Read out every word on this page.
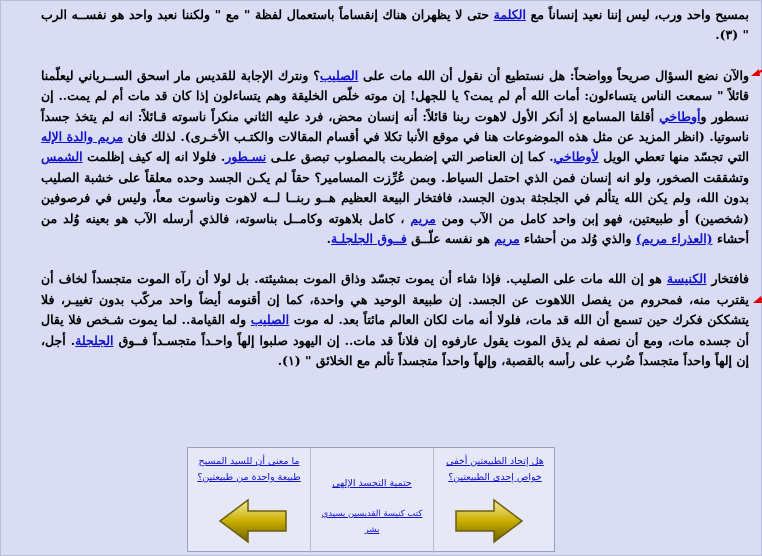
بمسيح واحد ورب، ليس إننا نعيد إنساناً مع الكلمة حتى لا يظهران هناك إنقساماً باستعمال لفظة " مع " ولكننا نعبد واحد هو نفســه الرب " (٣).

والآن نضع السؤال صريحاً وواضحاً: هل نستطيع أن نقول أن الله مات على الصليب؟ ونترك الإجابة للقديس مار اسحق الســرياني ليعلّمنا قائلاً " سمعت الناس يتساءلون: أمات الله أم لم يمت؟ يا للجهل! إن موته خلّص الخليقة وهم يتساءلون إذا كان قد مات أم لم يمت.. إن نسطور وأوطاخي أقلقا المسامع إذ أنكر الأول لاهوت ربنا قائلاً: أنه إنسان محض، فرد عليه الثاني منكراً ناسوته قـائلاً: انه لم يتخذ جسداً ناسوتيا. (انظر المزيد عن مثل هذه الموضوعات هنا في موقع الأنبا تكلا في أقسام المقالات والكتـب الأخـرى). لذلك فان مريم والدة الإله التي تجسّد منها تعطي الويل لأوطاخي. كما إن العناصر التي إضطربت بالمصلوب تبصق علـى نسـطور. فلولا انه إله كيف إظلمت الشمس وتشققت الصخور، ولو انه إنسان فمن الذي احتمل السياط. وبمن عُرِّزت المسامير؟ حقاً لم يكـن الجسد وحده معلقاً على خشبة الصليب بدون الله، ولم يكن الله يتألم في الجلجثة بدون الجسد، فافتخار البيعة العظيم هــو ربنــا لــه لاهوت وناسوت معاً، وليس في فرصوفين (شخصين) أو طبيعتين، فهو إبن واحد كامل من الآب ومن مريم ، كامل بلاهوته وكامــل بناسوته، فالذي أرسله الآب هو بعينه وُلد من أحشاء (العذراء مريم) والذي وُلد من أحشاء مريم هو نفسه علّــق فــوق الجلجلـة.

فافتخار الكنيسة هو إن الله مات على الصليب. فإذا شاء أن يموت تجسّد وذاق الموت بمشيئته. بل لولا أن رآه الموت متجسداً لخاف أن يقترب منه، فمحروم من يفصل اللاهوت عن الجسد. إن طبيعة الوحيد هي واحدة، كما إن أقنومه أيضاً واحد مركّب بدون تغييـر، فلا يتشككن فكرك حين تسمع أن الله قد مات، فلولا أنه مات لكان العالم مائتاً بعد. له موت الصليب وله القيامة.. لما يموت شـخص فلا يقال أن جسده مات، ومع أن نصفه لم يذق الموت يقول عارفوه إن فلاناً قد مات.. إن اليهود صلبوا إلهاً واحـداً متجسـداً فــوق الجلجلة. أجل، إن إلهاً واحداً متجسداً ضُرب على رأسه بالقصبة، وإلهاً واحداً متجسداً تألم مع الخلائق " (١).

ما معنى أن للسيد المسيح طبيعة واحدة من طبيعتين؟
حتمية التجسد الإلهي
كتب كنيسة القديسين بسيدي بشر
هل إتحاد الطبيعتين أخفي خواص إحدى الطبيعتين؟
